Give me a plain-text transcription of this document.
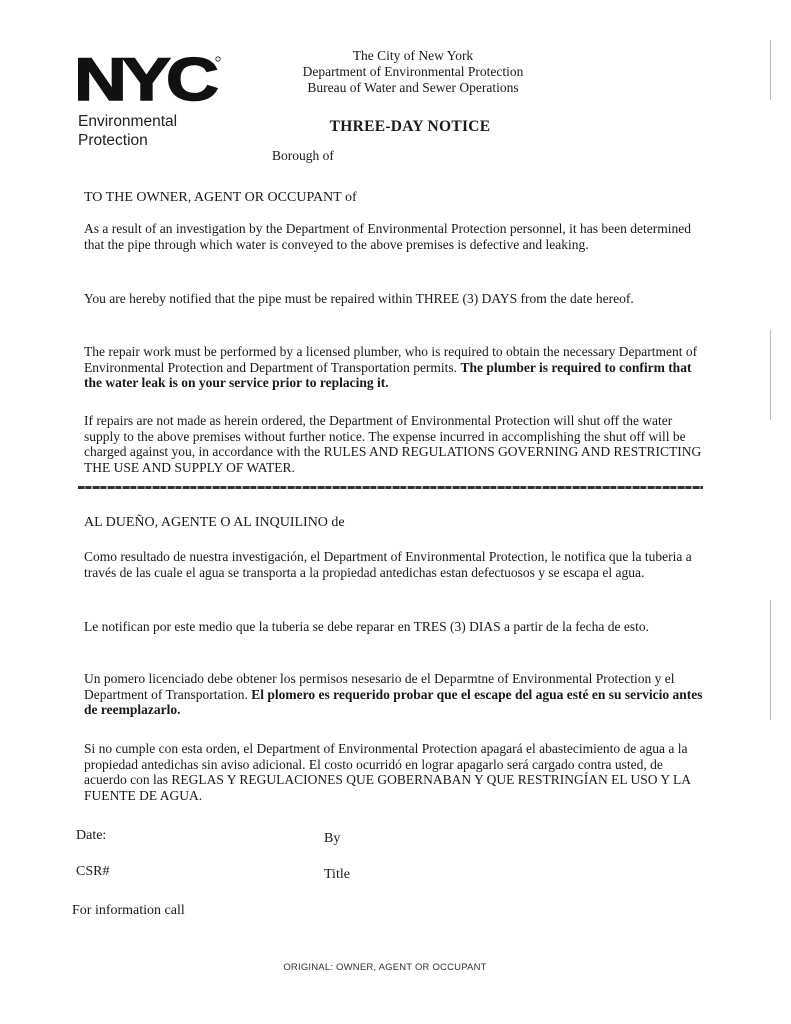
NYC
Environmental
Protection
The City of New York
Department of Environmental Protection
Bureau of Water and Sewer Operations
THREE-DAY NOTICE
Borough of
TO THE OWNER, AGENT OR OCCUPANT of
As a result of an investigation by the Department of Environmental Protection personnel, it has been determined that the pipe through which water is conveyed to the above premises is defective and leaking.
You are hereby notified that the pipe must be repaired within THREE (3) DAYS from the date hereof.
The repair work must be performed by a licensed plumber, who is required to obtain the necessary Department of Environmental Protection and Department of Transportation permits. The plumber is required to confirm that the water leak is on your service prior to replacing it.
If repairs are not made as herein ordered, the Department of Environmental Protection will shut off the water supply to the above premises without further notice. The expense incurred in accomplishing the shut off will be charged against you, in accordance with the RULES AND REGULATIONS GOVERNING AND RESTRICTING THE USE AND SUPPLY OF WATER.
AL DUEÑO, AGENTE O AL INQUILINO de
Como resultado de nuestra investigación, el Department of Environmental Protection, le notifica que la tuberia a través de las cuale el agua se transporta a la propiedad antedichas estan defectuosos y se escapa el agua.
Le notifican por este medio que la tuberia se debe reparar en TRES (3) DIAS a partir de la fecha de esto.
Un pomero licenciado debe obtener los permisos nesesario de el Deparmtne of Environmental Protection y el Department of Transportation. El plomero es requerido probar que el escape del agua esté en su servicio antes de reemplazarlo.
Si no cumple con esta orden, el Department of Environmental Protection apagará el abastecimiento de agua a la propiedad antedichas sin aviso adicional. El costo ocurridó en lograr apagarlo será cargado contra usted, de acuerdo con las REGLAS Y REGULACIONES QUE GOBERNABAN Y QUE RESTRINGÍAN EL USO Y LA FUENTE DE AGUA.
Date:	By
CSR#	Title
For information call
ORIGINAL: OWNER, AGENT OR OCCUPANT
